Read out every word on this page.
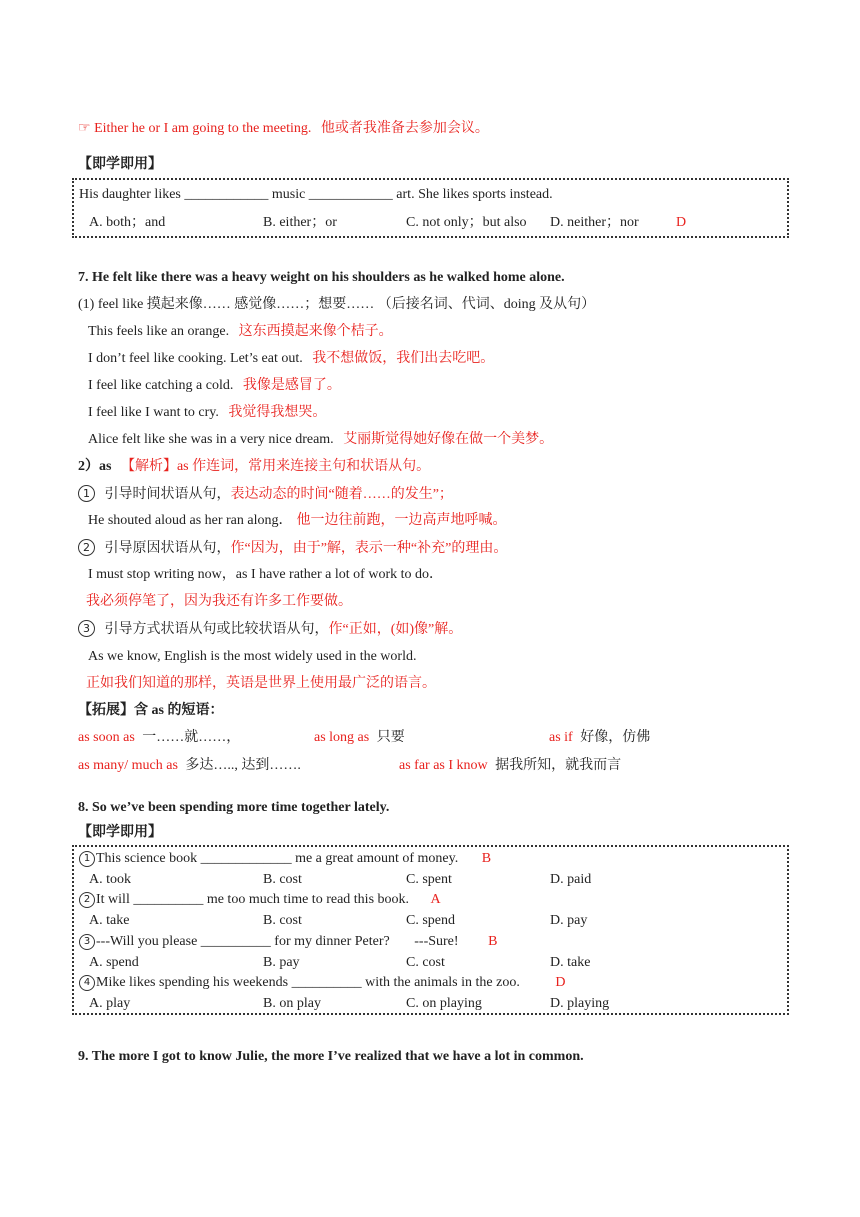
☞ Either he or I am going to the meeting. 他或者我准备去参加会议。
【即学即用】
His daughter likes ____________ music ____________ art. She likes sports instead.
A. both；and	B. either；or	C. not only；but also D. neither；nor	D
7. He felt like there was a heavy weight on his shoulders as he walked home alone.
(1) feel like 摸起来像…… 感觉像……；想要…… （后接名词、代词、doing 及从句）
This feels like an orange. 这东西摸起来像个桔子。
I don’t feel like cooking. Let’s eat out. 我不想做饭，我们出去吃吧。
I feel like catching a cold. 我像是感冒了。
I feel like I want to cry. 我觉得我想哭。
Alice felt like she was in a very nice dream. 艾丽斯觉得她好像在做一个美梦。
2）as 【解析】as 作连词，常用来连接主句和状语从句。
1 引导时间状语从句，表达动态的时间“随着……的发生”；
He shouted aloud as her ran along． 他一边往前跑，一边高声地呼喊。
2 引导原因状语从句，作“因为，由于”解，表示一种“补充”的理由。
I must stop writing now，as I have rather a lot of work to do．
我必须停笔了，因为我还有许多工作要做。
3 引导方式状语从句或比较状语从句，作“正如，(如)像”解。
As we know, English is the most widely used in the world.
正如我们知道的那样，英语是世界上使用最广泛的语言。
【拓展】含 as 的短语：
as soon as 一……就……，	as long as 只要	as if 好像，仿佛
as many/ much as 多达….., 达到…….	as far as I know 据我所知，就我而言
8. So we’ve been spending more time together lately.
【即学即用】
1 This science book _____________ me a great amount of money. B
A. took	B. cost	C. spent	D. paid
2 It will __________ me too much time to read this book. A
A. take	B. cost	C. spend	D. pay
3 ---Will you please __________ for my dinner Peter?       ---Sure! B
A. spend	B. pay	C. cost	D. take
4 Mike likes spending his weekends __________ with the animals in the zoo.	D
A. play	B. on play	C. on playing	D. playing
9. The more I got to know Julie, the more I’ve realized that we have a lot in common.
